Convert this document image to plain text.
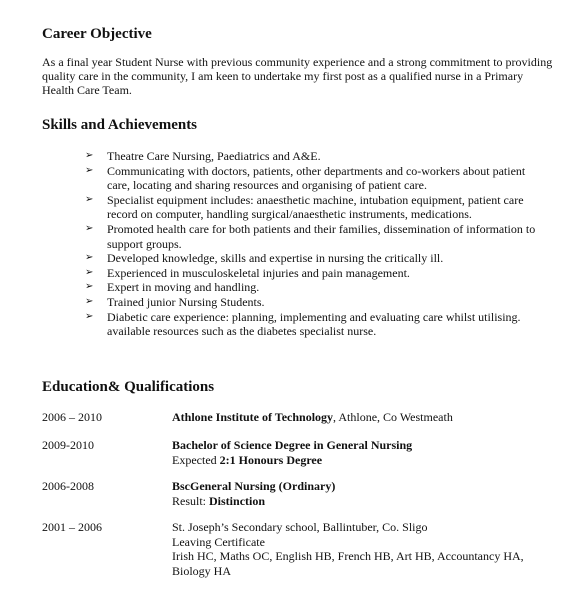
Career Objective

As a final year Student Nurse with previous community experience and a strong commitment to providing quality care in the community, I am keen to undertake my first post as a qualified nurse in a Primary Health Care Team.

Skills and Achievements
➢ Theatre Care Nursing, Paediatrics and A&E.
➢ Communicating with doctors, patients, other departments and co-workers about patient care, locating and sharing resources and organising of patient care.
➢ Specialist equipment includes: anaesthetic machine, intubation equipment, patient care record on computer, handling surgical/anaesthetic instruments, medications.
➢ Promoted health care for both patients and their families, dissemination of information to support groups.
➢ Developed knowledge, skills and expertise in nursing the critically ill.
➢ Experienced in musculoskeletal injuries and pain management.
➢ Expert in moving and handling.
➢ Trained junior Nursing Students.
➢ Diabetic care experience: planning, implementing and evaluating care whilst utilising. available resources such as the diabetes specialist nurse.
Education& Qualifications
2006 – 2010	Athlone Institute of Technology, Athlone, Co Westmeath
2009-2010	Bachelor of Science Degree in General Nursing
Expected 2:1 Honours Degree
2006-2008	BscGeneral Nursing (Ordinary)
Result: Distinction
2001 – 2006	St. Joseph’s Secondary school, Ballintuber, Co. Sligo
Leaving Certificate
Irish HC, Maths OC, English HB, French HB, Art HB, Accountancy HA,
Biology HA
